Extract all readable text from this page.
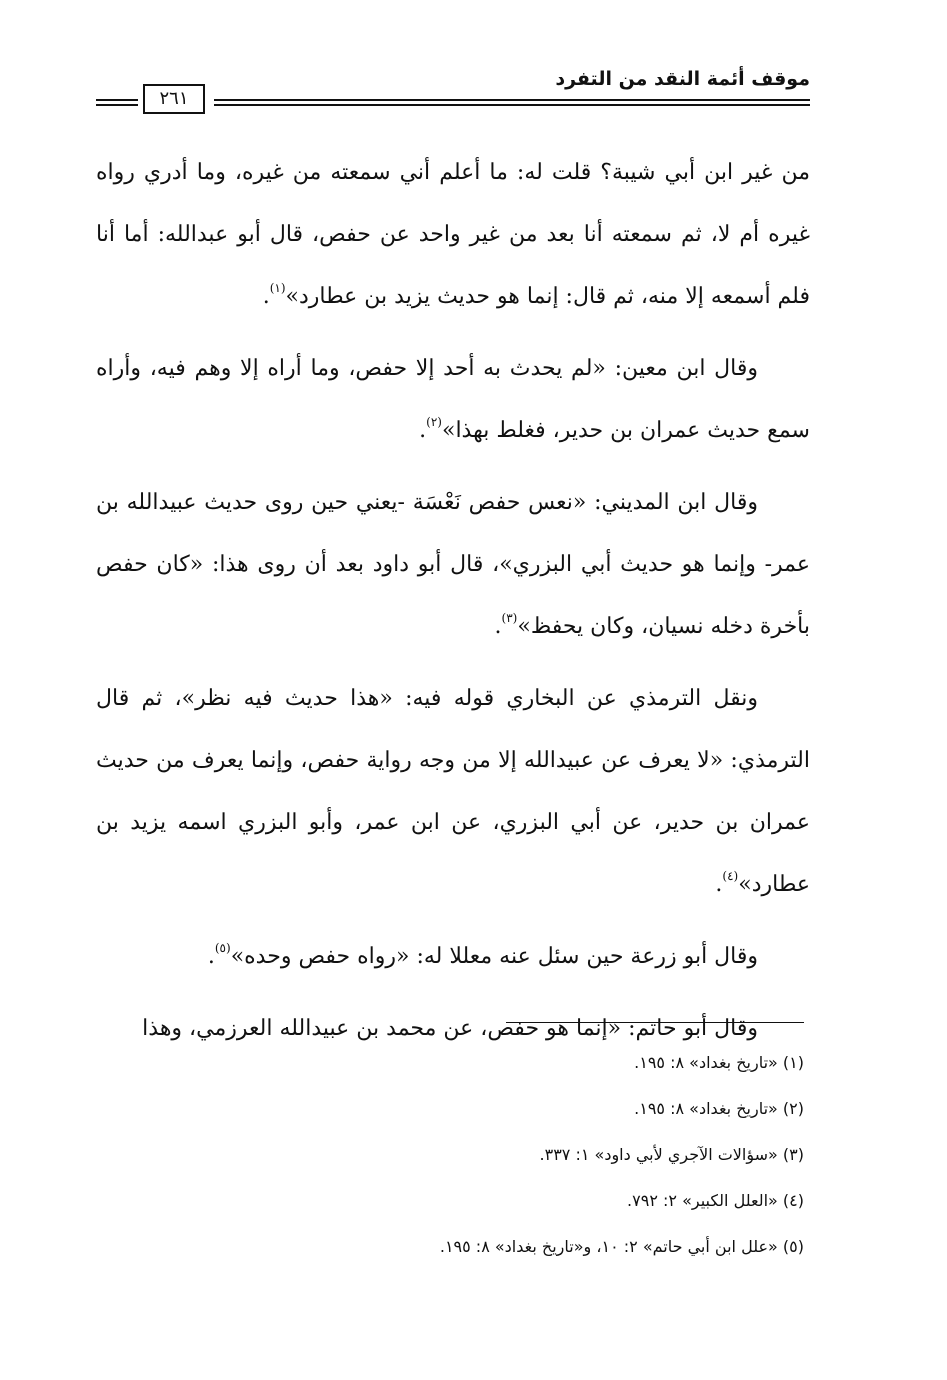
موقف أئمة النقد من التفرد
٢٦١

من غير ابن أبي شيبة؟ قلت له: ما أعلم أني سمعته من غيره، وما أدري رواه غيره أم لا، ثم سمعته أنا بعد من غير واحد عن حفص، قال أبو عبدالله: أما أنا فلم أسمعه إلا منه، ثم قال: إنما هو حديث يزيد بن عطارد»$^{(١)}$.

وقال ابن معين: «لم يحدث به أحد إلا حفص، وما أراه إلا وهم فيه، وأراه سمع حديث عمران بن حدير، فغلط بهذا»$^{(٢)}$.

وقال ابن المديني: «نعس حفص نَعْسَة -يعني حين روى حديث عبيدالله بن عمر- وإنما هو حديث أبي البزري»، قال أبو داود بعد أن روى هذا: «كان حفص بأخرة دخله نسيان، وكان يحفظ»$^{(٣)}$.

ونقل الترمذي عن البخاري قوله فيه: «هذا حديث فيه نظر»، ثم قال الترمذي: «لا يعرف عن عبيدالله إلا من وجه رواية حفص، وإنما يعرف من حديث عمران بن حدير، عن أبي البزري، عن ابن عمر، وأبو البزري اسمه يزيد بن عطارد»$^{(٤)}$.

وقال أبو زرعة حين سئل عنه معللا له: «رواه حفص وحده»$^{(٥)}$.

وقال أبو حاتم: «إنما هو حفص، عن محمد بن عبيدالله العرزمي، وهذا

(١) «تاريخ بغداد» ٨: ١٩٥.
(٢) «تاريخ بغداد» ٨: ١٩٥.
(٣) «سؤالات الآجري لأبي داود» ١: ٣٣٧.
(٤) «العلل الكبير» ٢: ٧٩٢.
(٥) «علل ابن أبي حاتم» ٢: ١٠، و«تاريخ بغداد» ٨: ١٩٥.
